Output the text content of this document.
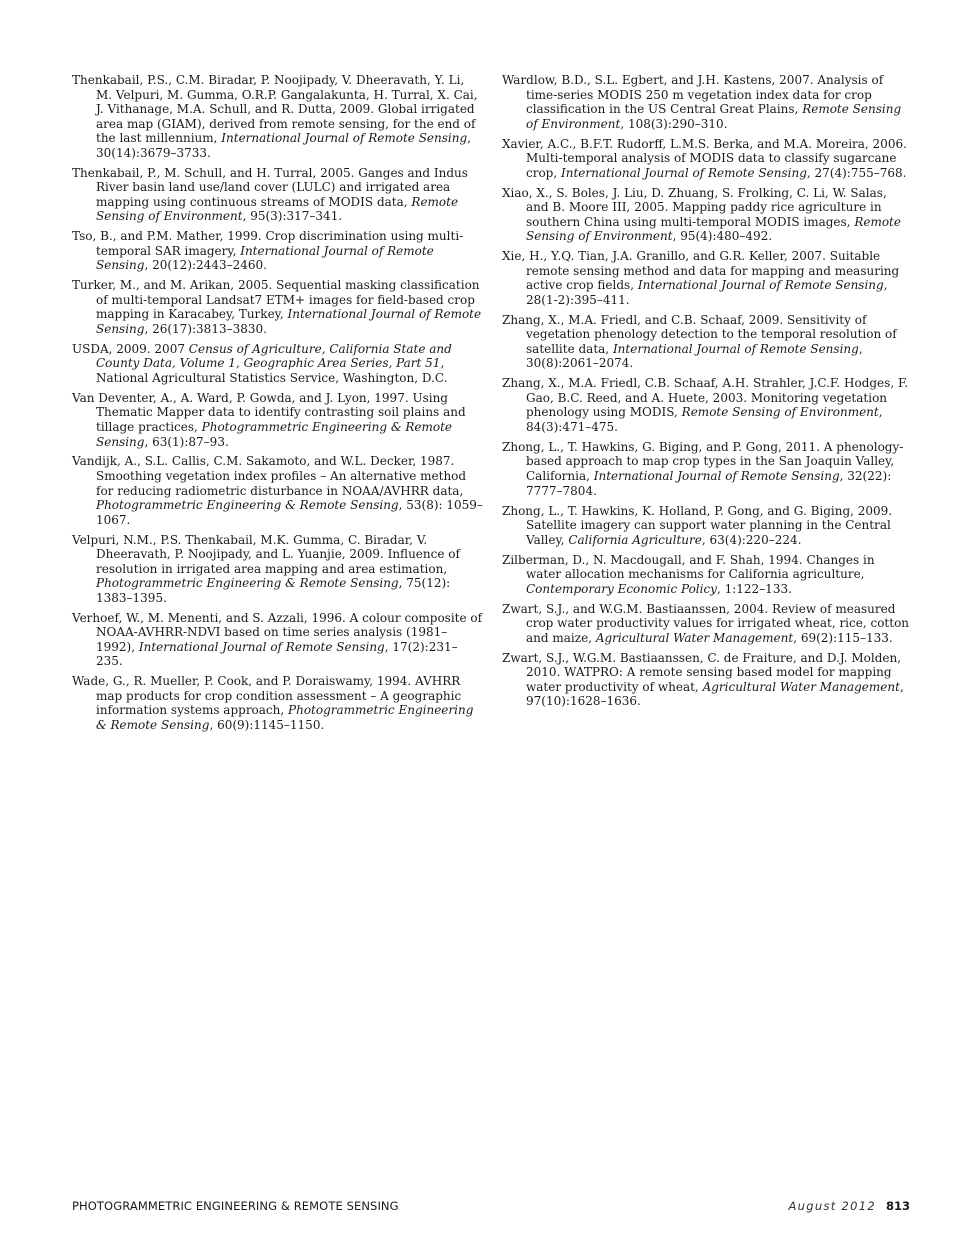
Thenkabail, P.S., C.M. Biradar, P. Noojipady, V. Dheeravath, Y. Li, M. Velpuri, M. Gumma, O.R.P. Gangalakunta, H. Turral, X. Cai, J. Vithanage, M.A. Schull, and R. Dutta, 2009. Global irrigated area map (GIAM), derived from remote sensing, for the end of the last millennium, International Journal of Remote Sensing, 30(14):3679–3733.

Thenkabail, P., M. Schull, and H. Turral, 2005. Ganges and Indus River basin land use/land cover (LULC) and irrigated area mapping using continuous streams of MODIS data, Remote Sensing of Environment, 95(3):317–341.

Tso, B., and P.M. Mather, 1999. Crop discrimination using multi-temporal SAR imagery, International Journal of Remote Sensing, 20(12):2443–2460.

Turker, M., and M. Arikan, 2005. Sequential masking classification of multi-temporal Landsat7 ETM+ images for field-based crop mapping in Karacabey, Turkey, International Journal of Remote Sensing, 26(17):3813–3830.

USDA, 2009. 2007 Census of Agriculture, California State and County Data, Volume 1, Geographic Area Series, Part 51, National Agricultural Statistics Service, Washington, D.C.

Van Deventer, A., A. Ward, P. Gowda, and J. Lyon, 1997. Using Thematic Mapper data to identify contrasting soil plains and tillage practices, Photogrammetric Engineering & Remote Sensing, 63(1):87–93.

Vandijk, A., S.L. Callis, C.M. Sakamoto, and W.L. Decker, 1987. Smoothing vegetation index profiles – An alternative method for reducing radiometric disturbance in NOAA/AVHRR data, Photogrammetric Engineering & Remote Sensing, 53(8): 1059–1067.

Velpuri, N.M., P.S. Thenkabail, M.K. Gumma, C. Biradar, V. Dheeravath, P. Noojipady, and L. Yuanjie, 2009. Influence of resolution in irrigated area mapping and area estimation, Photogrammetric Engineering & Remote Sensing, 75(12): 1383–1395.

Verhoef, W., M. Menenti, and S. Azzali, 1996. A colour composite of NOAA-AVHRR-NDVI based on time series analysis (1981–1992), International Journal of Remote Sensing, 17(2):231–235.

Wade, G., R. Mueller, P. Cook, and P. Doraiswamy, 1994. AVHRR map products for crop condition assessment – A geographic information systems approach, Photogrammetric Engineering & Remote Sensing, 60(9):1145–1150.

Wardlow, B.D., S.L. Egbert, and J.H. Kastens, 2007. Analysis of time-series MODIS 250 m vegetation index data for crop classification in the US Central Great Plains, Remote Sensing of Environment, 108(3):290–310.

Xavier, A.C., B.F.T. Rudorff, L.M.S. Berka, and M.A. Moreira, 2006. Multi-temporal analysis of MODIS data to classify sugarcane crop, International Journal of Remote Sensing, 27(4):755–768.

Xiao, X., S. Boles, J. Liu, D. Zhuang, S. Frolking, C. Li, W. Salas, and B. Moore III, 2005. Mapping paddy rice agriculture in southern China using multi-temporal MODIS images, Remote Sensing of Environment, 95(4):480–492.

Xie, H., Y.Q. Tian, J.A. Granillo, and G.R. Keller, 2007. Suitable remote sensing method and data for mapping and measuring active crop fields, International Journal of Remote Sensing, 28(1-2):395–411.

Zhang, X., M.A. Friedl, and C.B. Schaaf, 2009. Sensitivity of vegetation phenology detection to the temporal resolution of satellite data, International Journal of Remote Sensing, 30(8):2061–2074.

Zhang, X., M.A. Friedl, C.B. Schaaf, A.H. Strahler, J.C.F. Hodges, F. Gao, B.C. Reed, and A. Huete, 2003. Monitoring vegetation phenology using MODIS, Remote Sensing of Environment, 84(3):471–475.

Zhong, L., T. Hawkins, G. Biging, and P. Gong, 2011. A phenology-based approach to map crop types in the San Joaquin Valley, California, International Journal of Remote Sensing, 32(22): 7777–7804.

Zhong, L., T. Hawkins, K. Holland, P. Gong, and G. Biging, 2009. Satellite imagery can support water planning in the Central Valley, California Agriculture, 63(4):220–224.

Zilberman, D., N. Macdougall, and F. Shah, 1994. Changes in water allocation mechanisms for California agriculture, Contemporary Economic Policy, 1:122–133.

Zwart, S.J., and W.G.M. Bastiaanssen, 2004. Review of measured crop water productivity values for irrigated wheat, rice, cotton and maize, Agricultural Water Management, 69(2):115–133.

Zwart, S.J., W.G.M. Bastiaanssen, C. de Fraiture, and D.J. Molden, 2010. WATPRO: A remote sensing based model for mapping water productivity of wheat, Agricultural Water Management, 97(10):1628–1636.

PHOTOGRAMMETRIC ENGINEERING & REMOTE SENSING	August 2012 813
